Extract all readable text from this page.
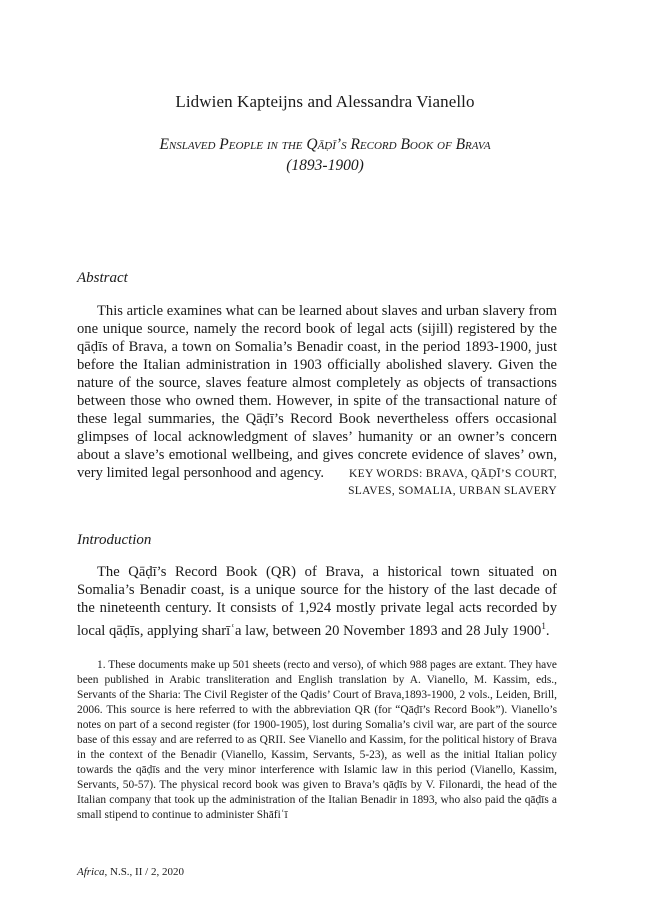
Lidwien Kapteijns and Alessandra Vianello
Enslaved People in the Qāḍī’s Record Book of Brava
(1893-1900)
Abstract

This article examines what can be learned about slaves and urban slavery from one unique source, namely the record book of legal acts (sijill) registered by the qāḍīs of Brava, a town on Somalia’s Benadir coast, in the period 1893-1900, just before the Italian administration in 1903 officially abolished slavery. Given the nature of the source, slaves feature almost completely as objects of transactions between those who owned them. However, in spite of the transactional nature of these legal summaries, the Qāḍī’s Record Book nevertheless offers occasional glimpses of local acknowledgment of slaves’ humanity or an owner’s concern about a slave’s emotional wellbeing, and gives concrete evidence of slaves’ own, very limited legal personhood and agency.	KEY WORDS: BRAVA, QĀḌĪ’S COURT,
SLAVES, SOMALIA, URBAN SLAVERY
Introduction

The Qāḍī’s Record Book (QR) of Brava, a historical town situated on Somalia’s Benadir coast, is a unique source for the history of the last decade of the nineteenth century. It consists of 1,924 mostly private legal acts recorded by local qāḍīs, applying sharīʿa law, between 20 November 1893 and 28 July 1900$^1$.

1. These documents make up 501 sheets (recto and verso), of which 988 pages are extant. They have been published in Arabic transliteration and English translation by A. Vianello, M. Kassim, eds., Servants of the Sharia: The Civil Register of the Qadis’ Court of Brava,1893-1900, 2 vols., Leiden, Brill, 2006. This source is here referred to with the abbreviation QR (for “Qāḍī’s Record Book”). Vianello’s notes on part of a second register (for 1900-1905), lost during Somalia’s civil war, are part of the source base of this essay and are referred to as QRII. See Vianello and Kassim, for the political history of Brava in the context of the Benadir (Vianello, Kassim, Servants, 5-23), as well as the initial Italian policy towards the qāḍīs and the very minor interference with Islamic law in this period (Vianello, Kassim, Servants, 50-57). The physical record book was given to Brava’s qāḍīs by V. Filonardi, the head of the Italian company that took up the administration of the Italian Benadir in 1893, who also paid the qāḍīs a small stipend to continue to administer Shāfiʿī

Africa, N.S., II / 2, 2020
